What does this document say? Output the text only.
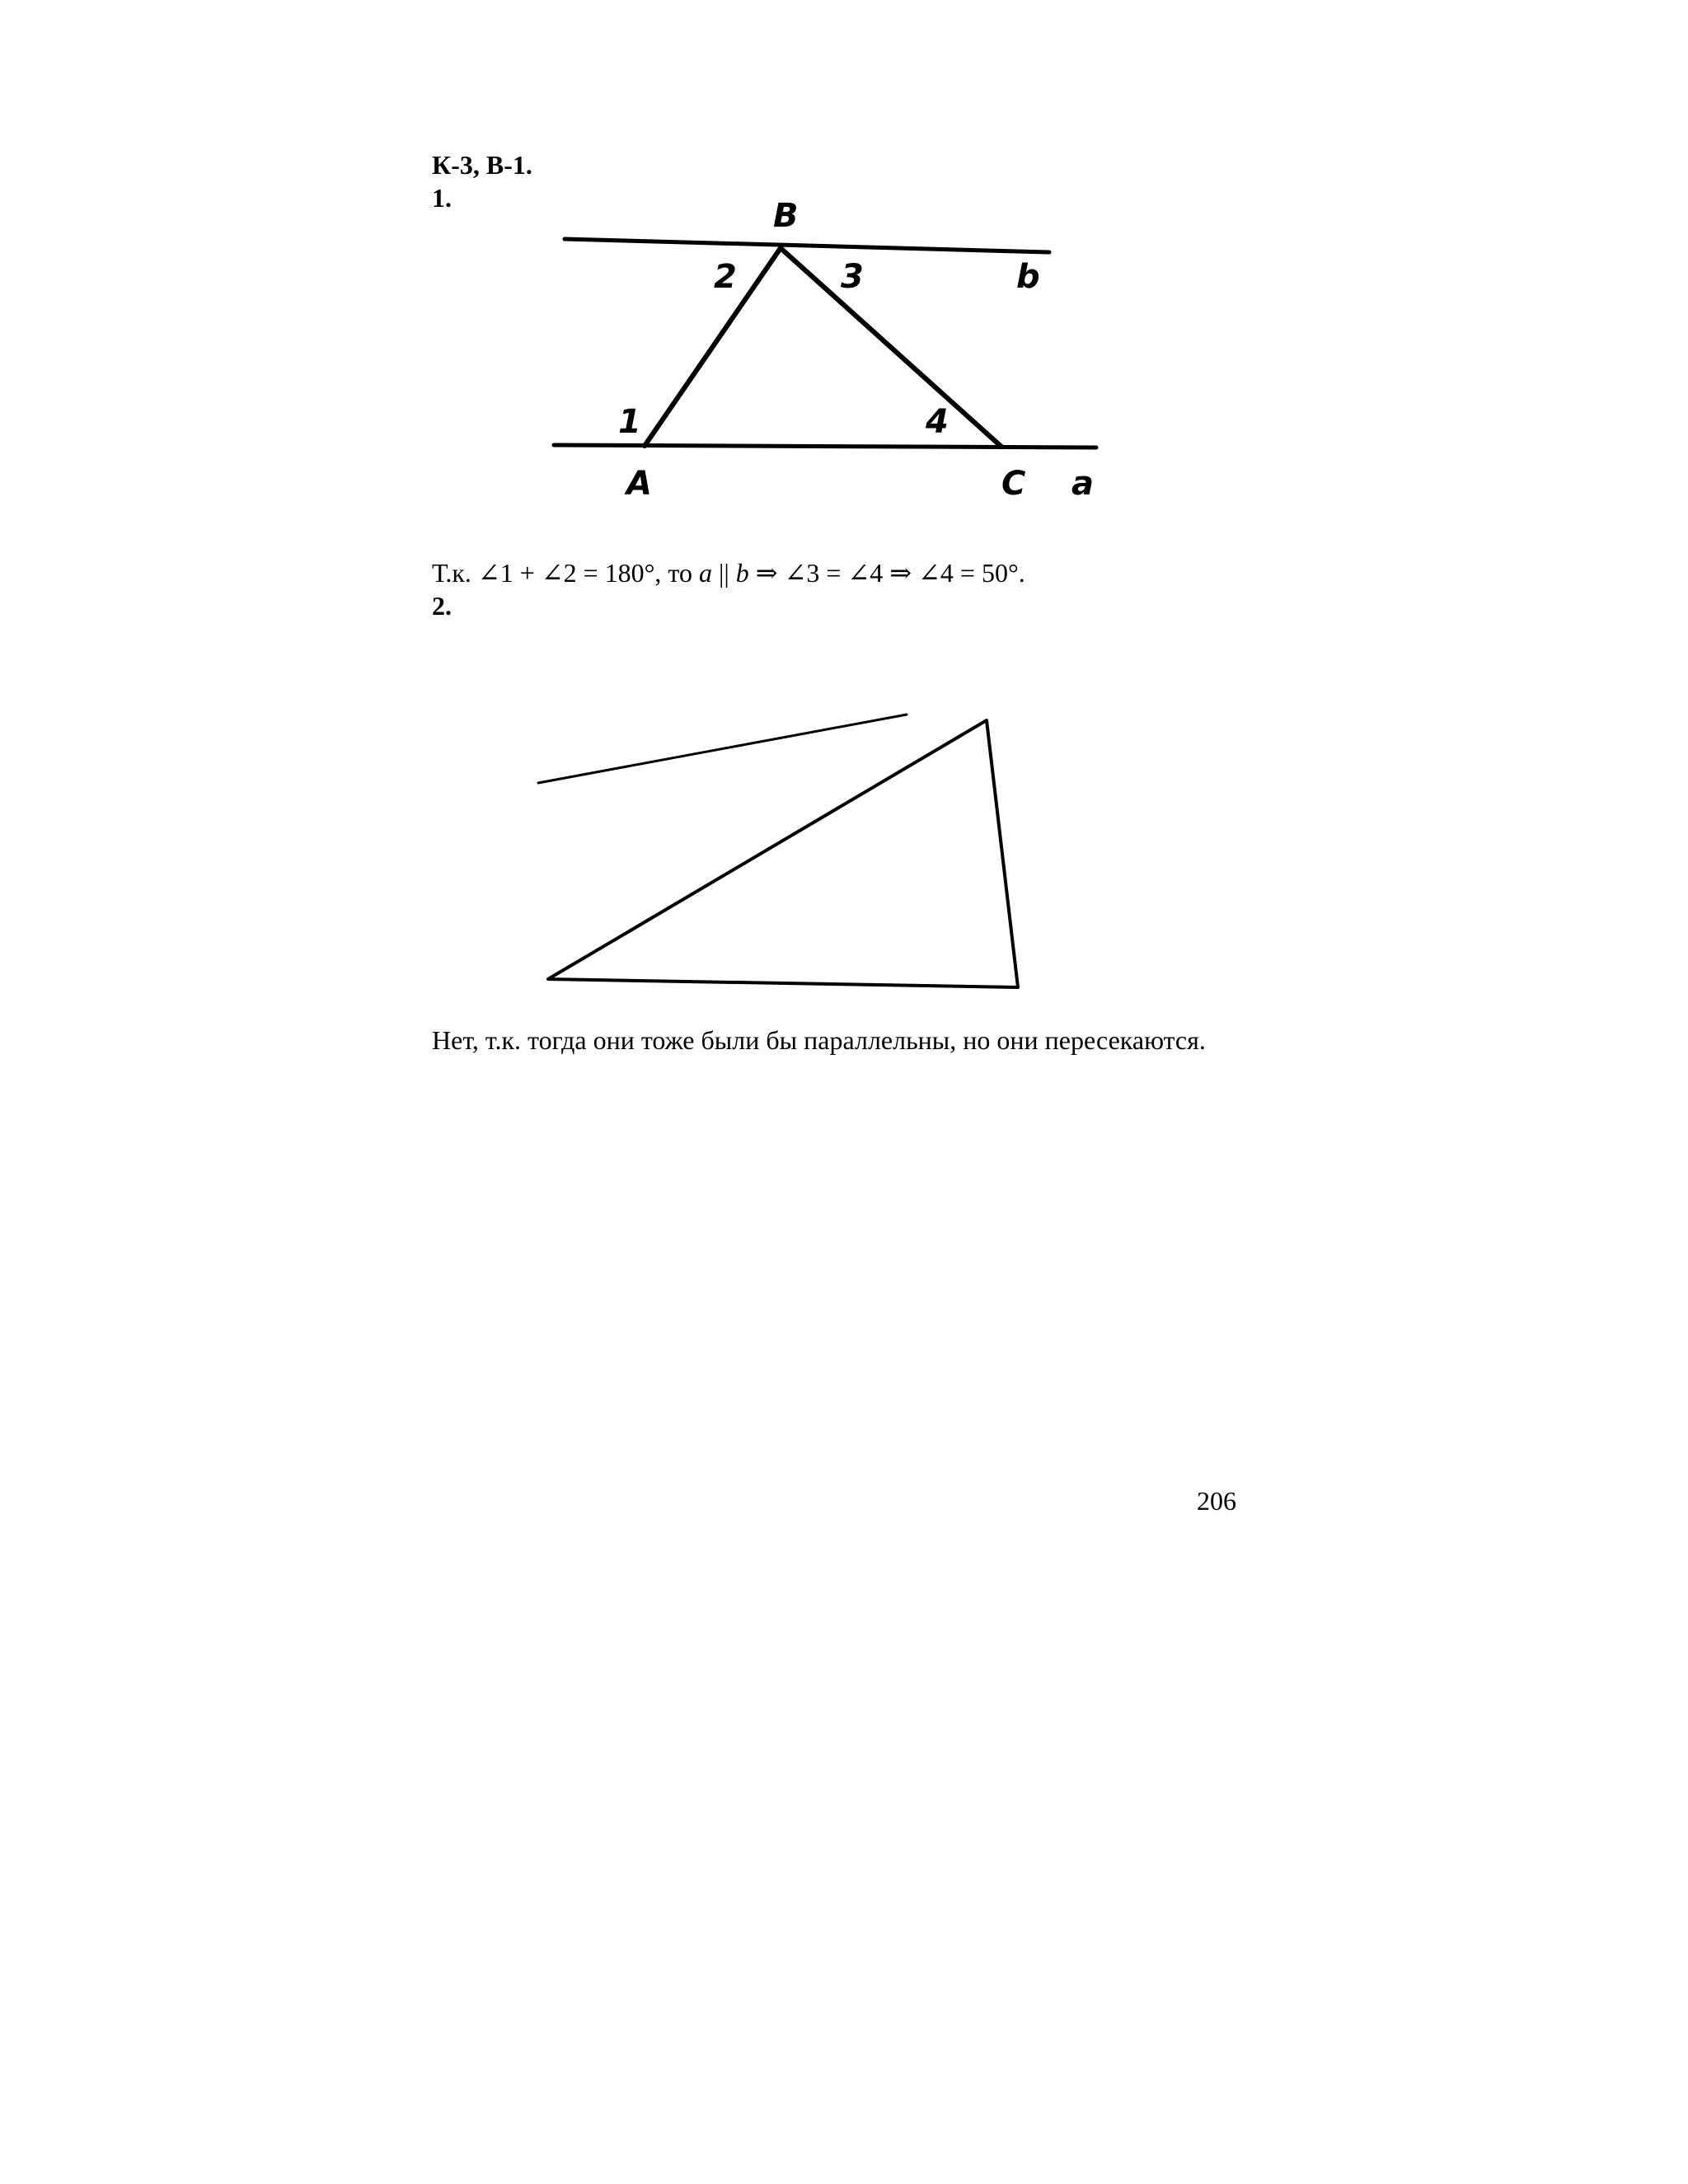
К-3, В-1.
1.	B
b
2	3
1	4
A	C a
Т.к. ∠1 + ∠2 = 180°, то a || b ⇒ ∠3 = ∠4 ⇒ ∠4 = 50°.
2.
Нет, т.к. тогда они тоже были бы параллельны, но они пересекаются.
206
